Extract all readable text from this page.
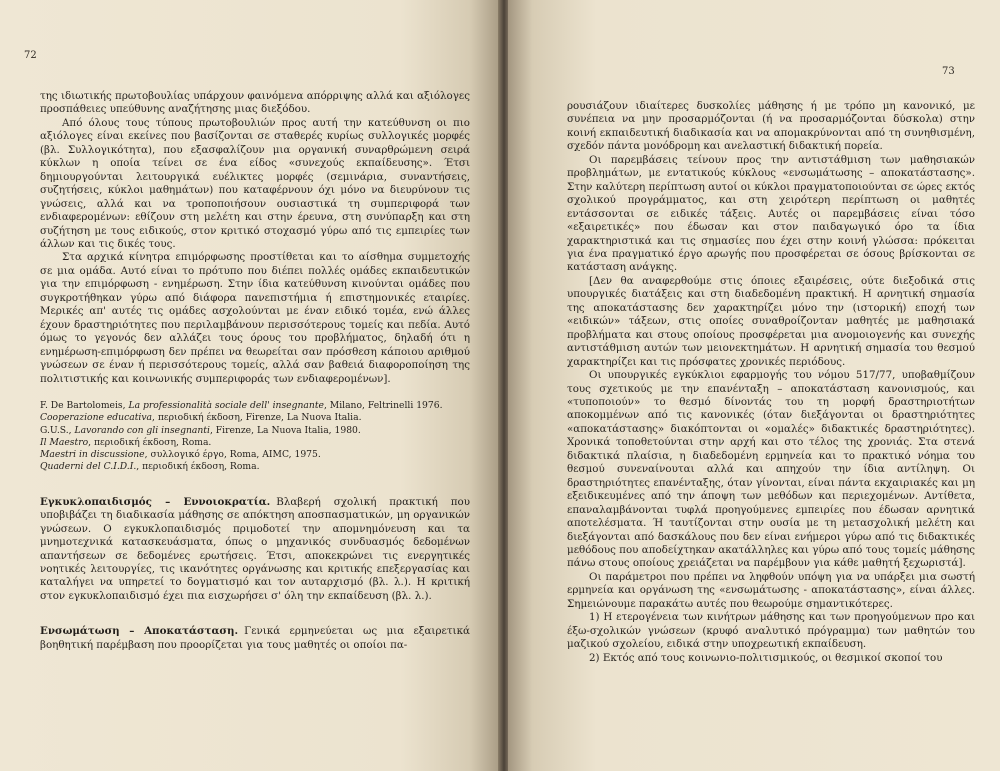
72

της ιδιωτικής πρωτοβουλίας υπάρχουν φαινόμενα απόρριψης αλλά και αξιόλογες προσπάθειες υπεύθυνης αναζήτησης μιας διεξόδου.

Από όλους τους τύπους πρωτοβουλιών προς αυτή την κατεύθυνση οι πιο αξιόλογες είναι εκείνες που βασίζονται σε σταθερές κυρίως συλλογικές μορφές (βλ. Συλλογικότητα), που εξασφαλίζουν μια οργανική συναρθρώμενη σειρά κύκλων η οποία τείνει σε ένα είδος «συνεχούς εκπαίδευσης». Έτσι δημιουργούνται λειτουργικά ευέλικτες μορφές (σεμινάρια, συναντήσεις, συζητήσεις, κύκλοι μαθημάτων) που καταφέρνουν όχι μόνο να διευρύνουν τις γνώσεις, αλλά και να τροποποιήσουν ουσιαστικά τη συμπεριφορά των ενδιαφερομένων: εθίζουν στη μελέτη και στην έρευνα, στη συνύπαρξη και στη συζήτηση με τους ειδικούς, στον κριτικό στοχασμό γύρω από τις εμπειρίες των άλλων και τις δικές τους.

Στα αρχικά κίνητρα επιμόρφωσης προστίθεται και το αίσθημα συμμετοχής σε μια ομάδα. Αυτό είναι το πρότυπο που διέπει πολλές ομάδες εκπαιδευτικών για την επιμόρφωση - ενημέρωση. Στην ίδια κατεύθυνση κινούνται ομάδες που συγκροτήθηκαν γύρω από διάφορα πανεπιστήμια ή επιστημονικές εταιρίες. Μερικές απ' αυτές τις ομάδες ασχολούνται με έναν ειδικό τομέα, ενώ άλλες έχουν δραστηριότητες που περιλαμβάνουν περισσότερους τομείς και πεδία. Αυτό όμως το γεγονός δεν αλλάζει τους όρους του προβλήματος, δηλαδή ότι η ενημέρωση-επιμόρφωση δεν πρέπει να θεωρείται σαν πρόσθεση κάποιου αριθμού γνώσεων σε έναν ή περισσότερους τομείς, αλλά σαν βαθειά διαφοροποίηση της πολιτιστικής και κοινωνικής συμπεριφοράς των ενδιαφερομένων].

F. De Bartolomeis, La professionalità sociale dell' insegnante, Milano, Feltrinelli 1976.
Cooperazione educativa, περιοδική έκδοση, Firenze, La Nuova Italia.
G.U.S., Lavorando con gli insegnanti, Firenze, La Nuova Italia, 1980.
Il Maestro, περιοδική έκδοση, Roma.
Maestri in discussione, συλλογικό έργο, Roma, AIMC, 1975.
Quaderni del C.I.D.I., περιοδική έκδοση, Roma.

Εγκυκλοπαιδισμός – Εννοιοκρατία. Βλαβερή σχολική πρακτική που υποβιβάζει τη διαδικασία μάθησης σε απόκτηση αποσπασματικών, μη οργανικών γνώσεων. Ο εγκυκλοπαιδισμός πριμοδοτεί την απομνημόνευση και τα μνημοτεχνικά κατασκευάσματα, όπως ο μηχανικός συνδυασμός δεδομένων απαντήσεων σε δεδομένες ερωτήσεις. Έτσι, αποκεκρώνει τις ενεργητικές νοητικές λειτουργίες, τις ικανότητες οργάνωσης και κριτικής επεξεργασίας και καταλήγει να υπηρετεί το δογματισμό και τον αυταρχισμό (βλ. λ.). Η κριτική στον εγκυκλοπαιδισμό έχει πια εισχωρήσει σ' όλη την εκπαίδευση (βλ. λ.).

Ενσωμάτωση – Αποκατάσταση. Γενικά ερμηνεύεται ως μια εξαιρετικά βοηθητική παρέμβαση που προορίζεται για τους μαθητές οι οποίοι πα-

73

ρουσιάζουν ιδιαίτερες δυσκολίες μάθησης ή με τρόπο μη κανονικό, με συνέπεια να μην προσαρμόζονται (ή να προσαρμόζονται δύσκολα) στην κοινή εκπαιδευτική διαδικασία και να απομακρύνονται από τη συνηθισμένη, σχεδόν πάντα μονόδρομη και ανελαστική διδακτική πορεία.

Οι παρεμβάσεις τείνουν προς την αντιστάθμιση των μαθησιακών προβλημάτων, με εντατικούς κύκλους «ενσωμάτωσης – αποκατάστασης». Στην καλύτερη περίπτωση αυτοί οι κύκλοι πραγματοποιούνται σε ώρες εκτός σχολικού προγράμματος, και στη χειρότερη περίπτωση οι μαθητές εντάσσονται σε ειδικές τάξεις. Αυτές οι παρεμβάσεις είναι τόσο «εξαιρετικές» που έδωσαν και στον παιδαγωγικό όρο τα ίδια χαρακτηριστικά και τις σημασίες που έχει στην κοινή γλώσσα: πρόκειται για ένα πραγματικό έργο αρωγής που προσφέρεται σε όσους βρίσκονται σε κατάσταση ανάγκης.

[Δεν θα αναφερθούμε στις όποιες εξαιρέσεις, ούτε διεξοδικά στις υπουργικές διατάξεις και στη διαδεδομένη πρακτική. Η αρνητική σημασία της αποκατάστασης δεν χαρακτηρίζει μόνο την (ιστορική) εποχή των «ειδικών» τάξεων, στις οποίες συναθροίζονταν μαθητές με μαθησιακά προβλήματα και στους οποίους προσφέρεται μια ανομοιογενής και συνεχής αντιστάθμιση αυτών των μειονεκτημάτων. Η αρνητική σημασία του θεσμού χαρακτηρίζει και τις πρόσφατες χρονικές περιόδους.

Οι υπουργικές εγκύκλιοι εφαρμογής του νόμου 517/77, υποβαθμίζουν τους σχετικούς με την επανένταξη – αποκατάσταση κανονισμούς, και «τυποποιούν» το θεσμό δίνοντάς του τη μορφή δραστηριοτήτων αποκομμένων από τις κανονικές (όταν διεξάγονται οι δραστηριότητες «αποκατάστασης» διακόπτονται οι «ομαλές» διδακτικές δραστηριότητες). Χρονικά τοποθετούνται στην αρχή και στο τέλος της χρονιάς. Στα στενά διδακτικά πλαίσια, η διαδεδομένη ερμηνεία και το πρακτικό νόημα του θεσμού συνεναίνουται αλλά και απηχούν την ίδια αντίληψη. Οι δραστηριότητες επανένταξης, όταν γίνονται, είναι πάντα εκχαιριακές και μη εξειδικευμένες από την άποψη των μεθόδων και περιεχομένων. Αντίθετα, επαναλαμβάνονται τυφλά προηγούμενες εμπειρίες που έδωσαν αρνητικά αποτελέσματα. Ή ταυτίζονται στην ουσία με τη μετασχολική μελέτη και διεξάγονται από δασκάλους που δεν είναι ενήμεροι γύρω από τις διδακτικές μεθόδους που αποδείχτηκαν ακατάλληλες και γύρω από τους τομείς μάθησης πάνω στους οποίους χρειάζεται να παρέμβουν για κάθε μαθητή ξεχωριστά].

Οι παράμετροι που πρέπει να ληφθούν υπόψη για να υπάρξει μια σωστή ερμηνεία και οργάνωση της «ενσωμάτωσης - αποκατάστασης», είναι άλλες. Σημειώνουμε παρακάτω αυτές που θεωρούμε σημαντικότερες.

1) Η ετερογένεια των κινήτρων μάθησης και των προηγούμενων προ και έξω-σχολικών γνώσεων (κρυφό αναλυτικό πρόγραμμα) των μαθητών του μαζικού σχολείου, ειδικά στην υποχρεωτική εκπαίδευση.
2) Εκτός από τους κοινωνιο-πολιτισμικούς, οι θεσμικοί σκοποί του
